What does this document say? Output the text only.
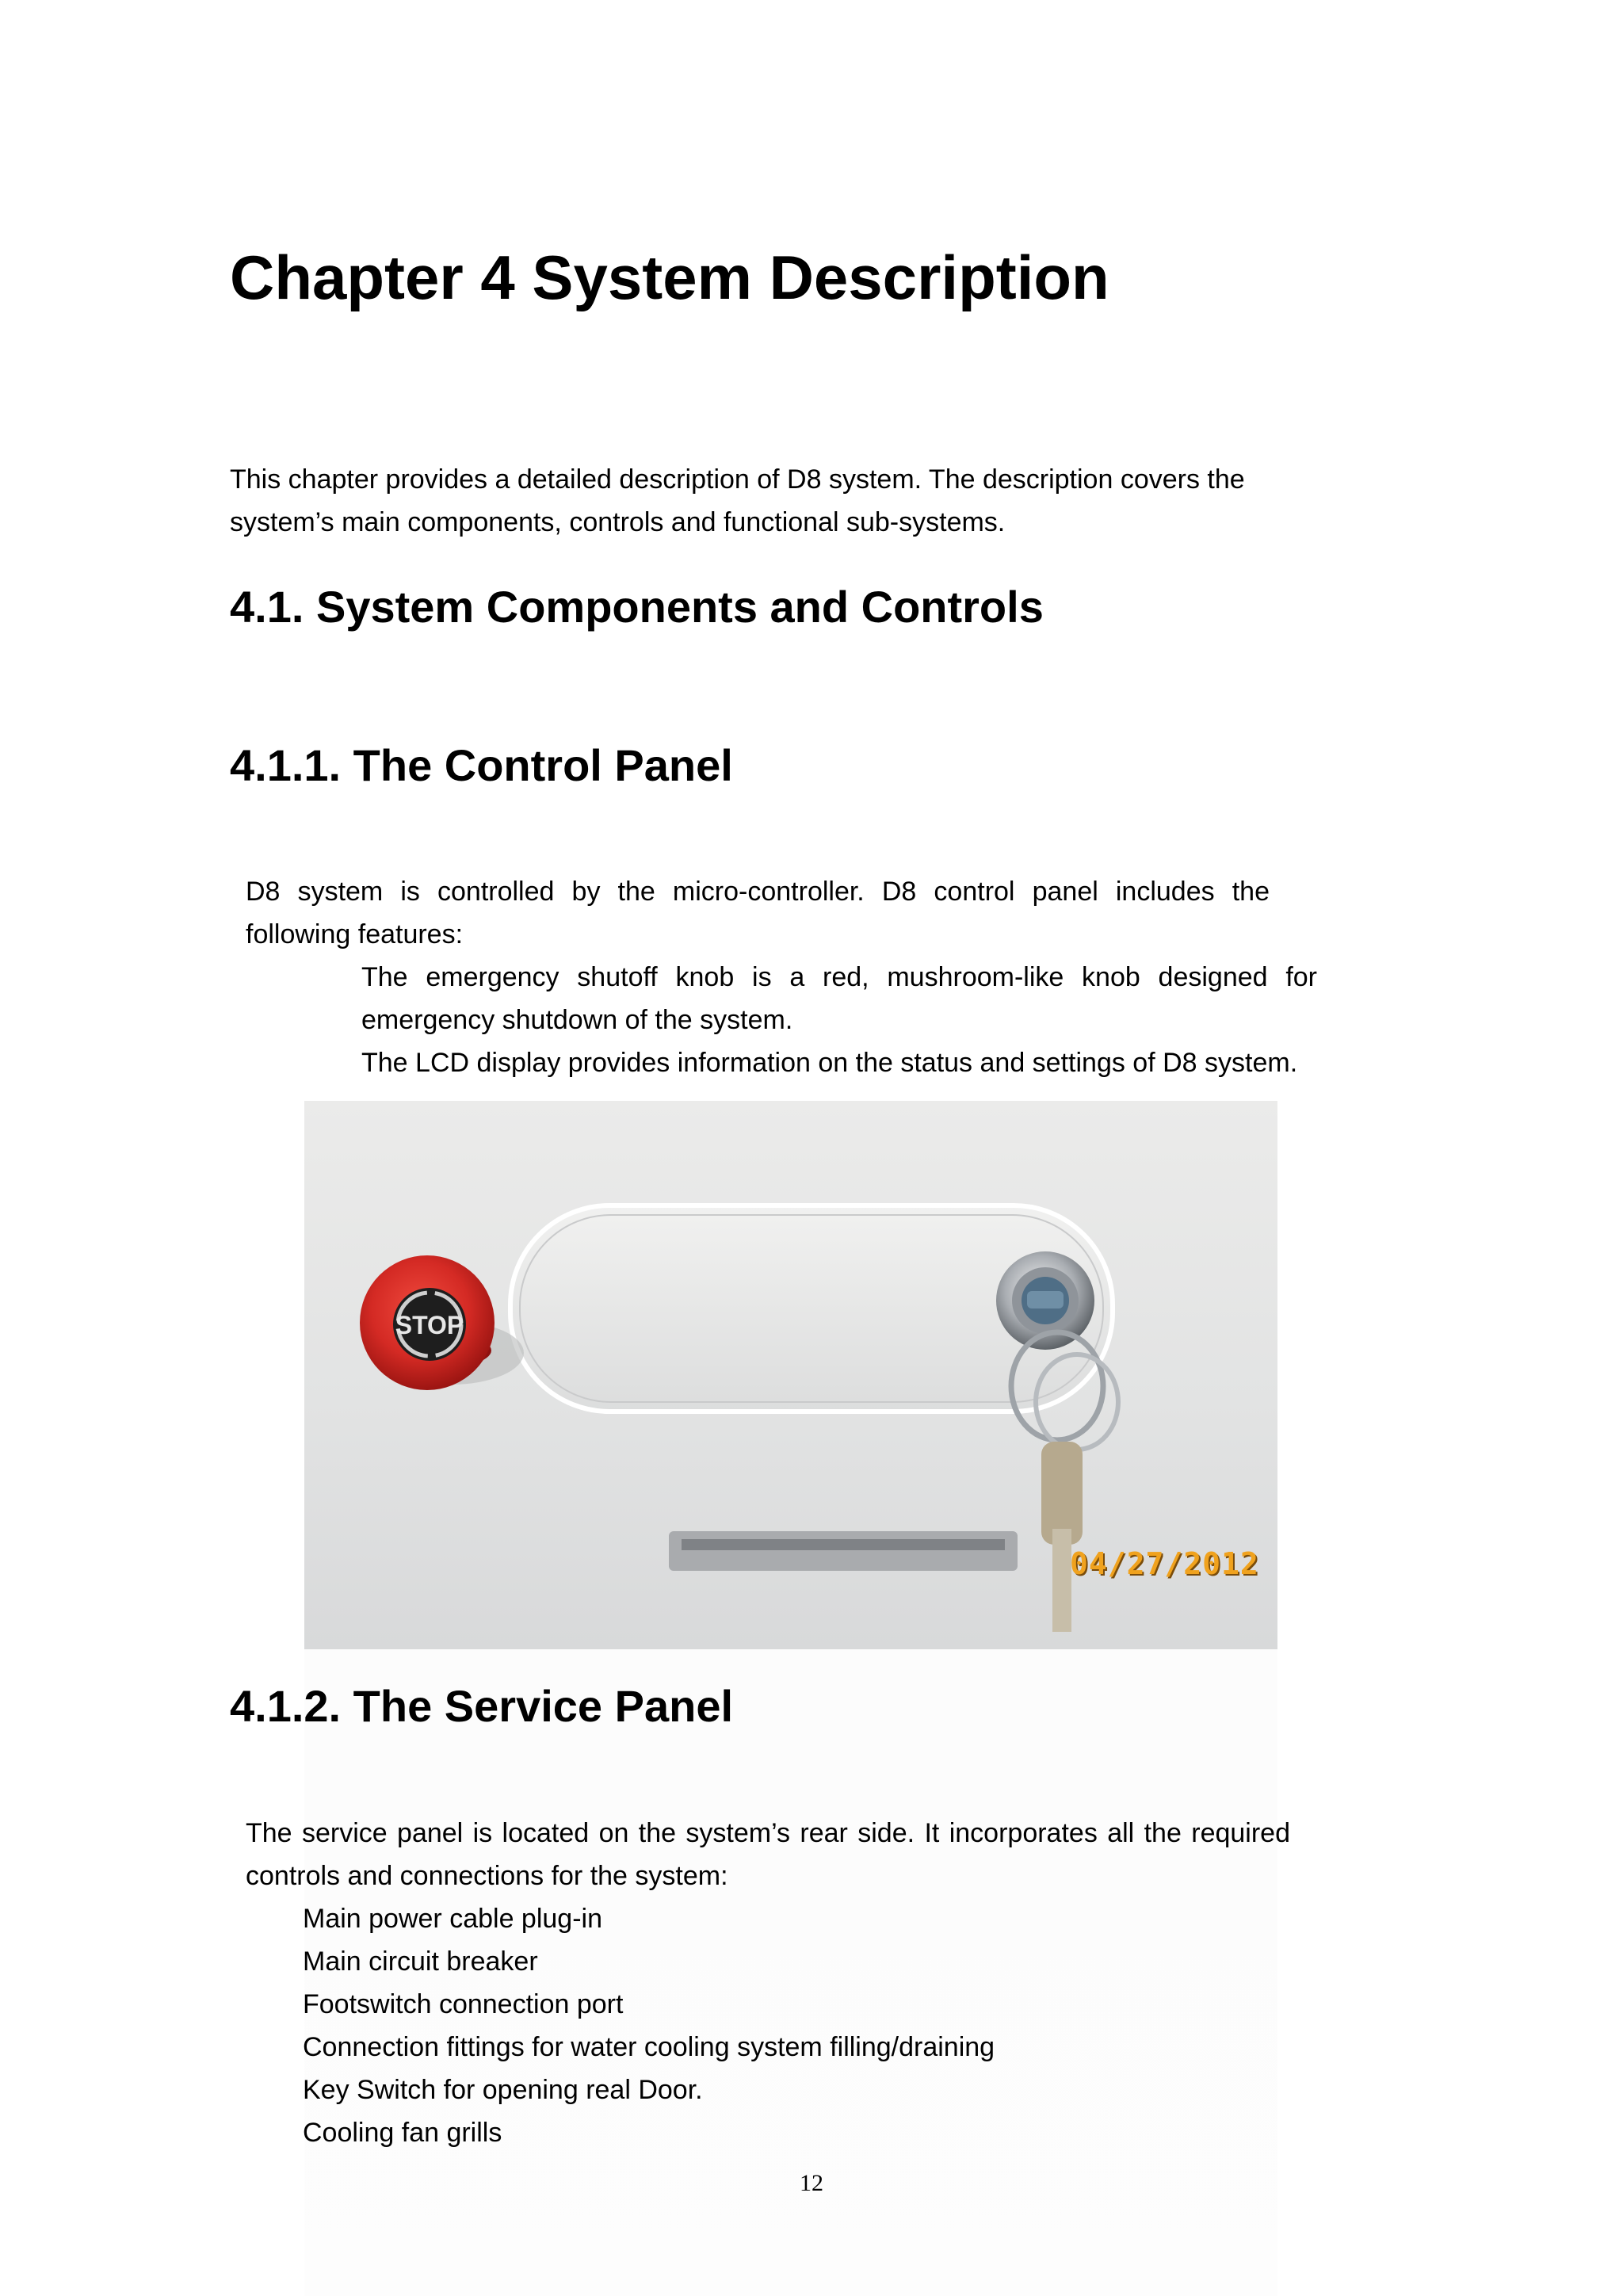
Chapter 4 System Description
This chapter provides a detailed description of D8 system. The description covers the
system’s main components, controls and functional sub-systems.
4.1. System Components and Controls
4.1.1. The Control Panel

D8 system is controlled by the micro-controller. D8 control panel includes the following features:

The emergency shutoff knob is a red, mushroom-like knob designed for emergency shutdown of the system.

The LCD display provides information on the status and settings of D8 system.

STOP
04/27/2012
4.1.2. The Service Panel

The service panel is located on the system’s rear side. It incorporates all the required controls and connections for the system:

Main power cable plug-in

Main circuit breaker

Footswitch connection port

Connection fittings for water cooling system filling/draining

Key Switch for opening real Door.

Cooling fan grills

12
